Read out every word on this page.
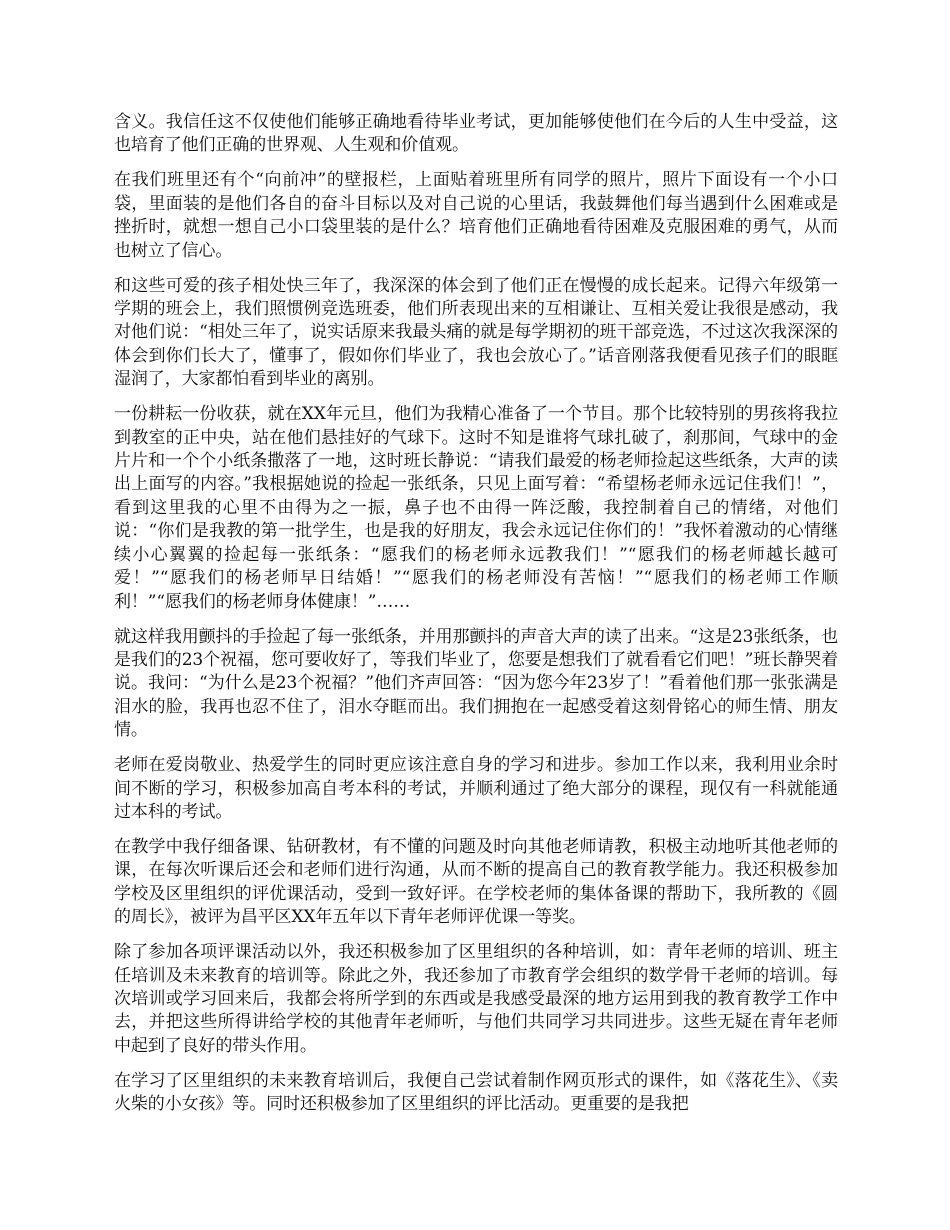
含义。我信任这不仅使他们能够正确地看待毕业考试，更加能够使他们在今后的人生中受益，这也培育了他们正确的世界观、人生观和价值观。

在我们班里还有个“向前冲”的壁报栏，上面贴着班里所有同学的照片，照片下面设有一个小口袋，里面装的是他们各自的奋斗目标以及对自己说的心里话，我鼓舞他们每当遇到什么困难或是挫折时，就想一想自己小口袋里装的是什么？培育他们正确地看待困难及克服困难的勇气，从而也树立了信心。

和这些可爱的孩子相处快三年了，我深深的体会到了他们正在慢慢的成长起来。记得六年级第一学期的班会上，我们照惯例竞选班委，他们所表现出来的互相谦让、互相关爱让我很是感动，我对他们说：“相处三年了，说实话原来我最头痛的就是每学期初的班干部竞选，不过这次我深深的体会到你们长大了，懂事了，假如你们毕业了，我也会放心了。”话音刚落我便看见孩子们的眼眶湿润了，大家都怕看到毕业的离别。

一份耕耘一份收获，就在XX年元旦，他们为我精心准备了一个节目。那个比较特别的男孩将我拉到教室的正中央，站在他们悬挂好的气球下。这时不知是谁将气球扎破了，刹那间，气球中的金片片和一个个小纸条撒落了一地，这时班长静说：“请我们最爱的杨老师捡起这些纸条，大声的读出上面写的内容。”我根据她说的捡起一张纸条，只见上面写着：“希望杨老师永远记住我们！”，看到这里我的心里不由得为之一振，鼻子也不由得一阵泛酸，我控制着自己的情绪，对他们说：“你们是我教的第一批学生，也是我的好朋友，我会永远记住你们的！”我怀着激动的心情继续小心翼翼的捡起每一张纸条：“愿我们的杨老师永远教我们！”“愿我们的杨老师越长越可爱！”“愿我们的杨老师早日结婚！”“愿我们的杨老师没有苦恼！”“愿我们的杨老师工作顺利！”“愿我们的杨老师身体健康！”……

就这样我用颤抖的手捡起了每一张纸条，并用那颤抖的声音大声的读了出来。“这是23张纸条，也是我们的23个祝福，您可要收好了，等我们毕业了，您要是想我们了就看看它们吧！”班长静哭着说。我问：“为什么是23个祝福？”他们齐声回答：“因为您今年23岁了！”看着他们那一张张满是泪水的脸，我再也忍不住了，泪水夺眶而出。我们拥抱在一起感受着这刻骨铭心的师生情、朋友情。

老师在爱岗敬业、热爱学生的同时更应该注意自身的学习和进步。参加工作以来，我利用业余时间不断的学习，积极参加高自考本科的考试，并顺利通过了绝大部分的课程，现仅有一科就能通过本科的考试。

在教学中我仔细备课、钻研教材，有不懂的问题及时向其他老师请教，积极主动地听其他老师的课，在每次听课后还会和老师们进行沟通，从而不断的提高自己的教育教学能力。我还积极参加学校及区里组织的评优课活动，受到一致好评。在学校老师的集体备课的帮助下，我所教的《圆的周长》，被评为昌平区XX年五年以下青年老师评优课一等奖。

除了参加各项评课活动以外，我还积极参加了区里组织的各种培训，如：青年老师的培训、班主任培训及未来教育的培训等。除此之外，我还参加了市教育学会组织的数学骨干老师的培训。每次培训或学习回来后，我都会将所学到的东西或是我感受最深的地方运用到我的教育教学工作中去，并把这些所得讲给学校的其他青年老师听，与他们共同学习共同进步。这些无疑在青年老师中起到了良好的带头作用。

在学习了区里组织的未来教育培训后，我便自己尝试着制作网页形式的课件，如《落花生》、《卖火柴的小女孩》等。同时还积极参加了区里组织的评比活动。更重要的是我把
